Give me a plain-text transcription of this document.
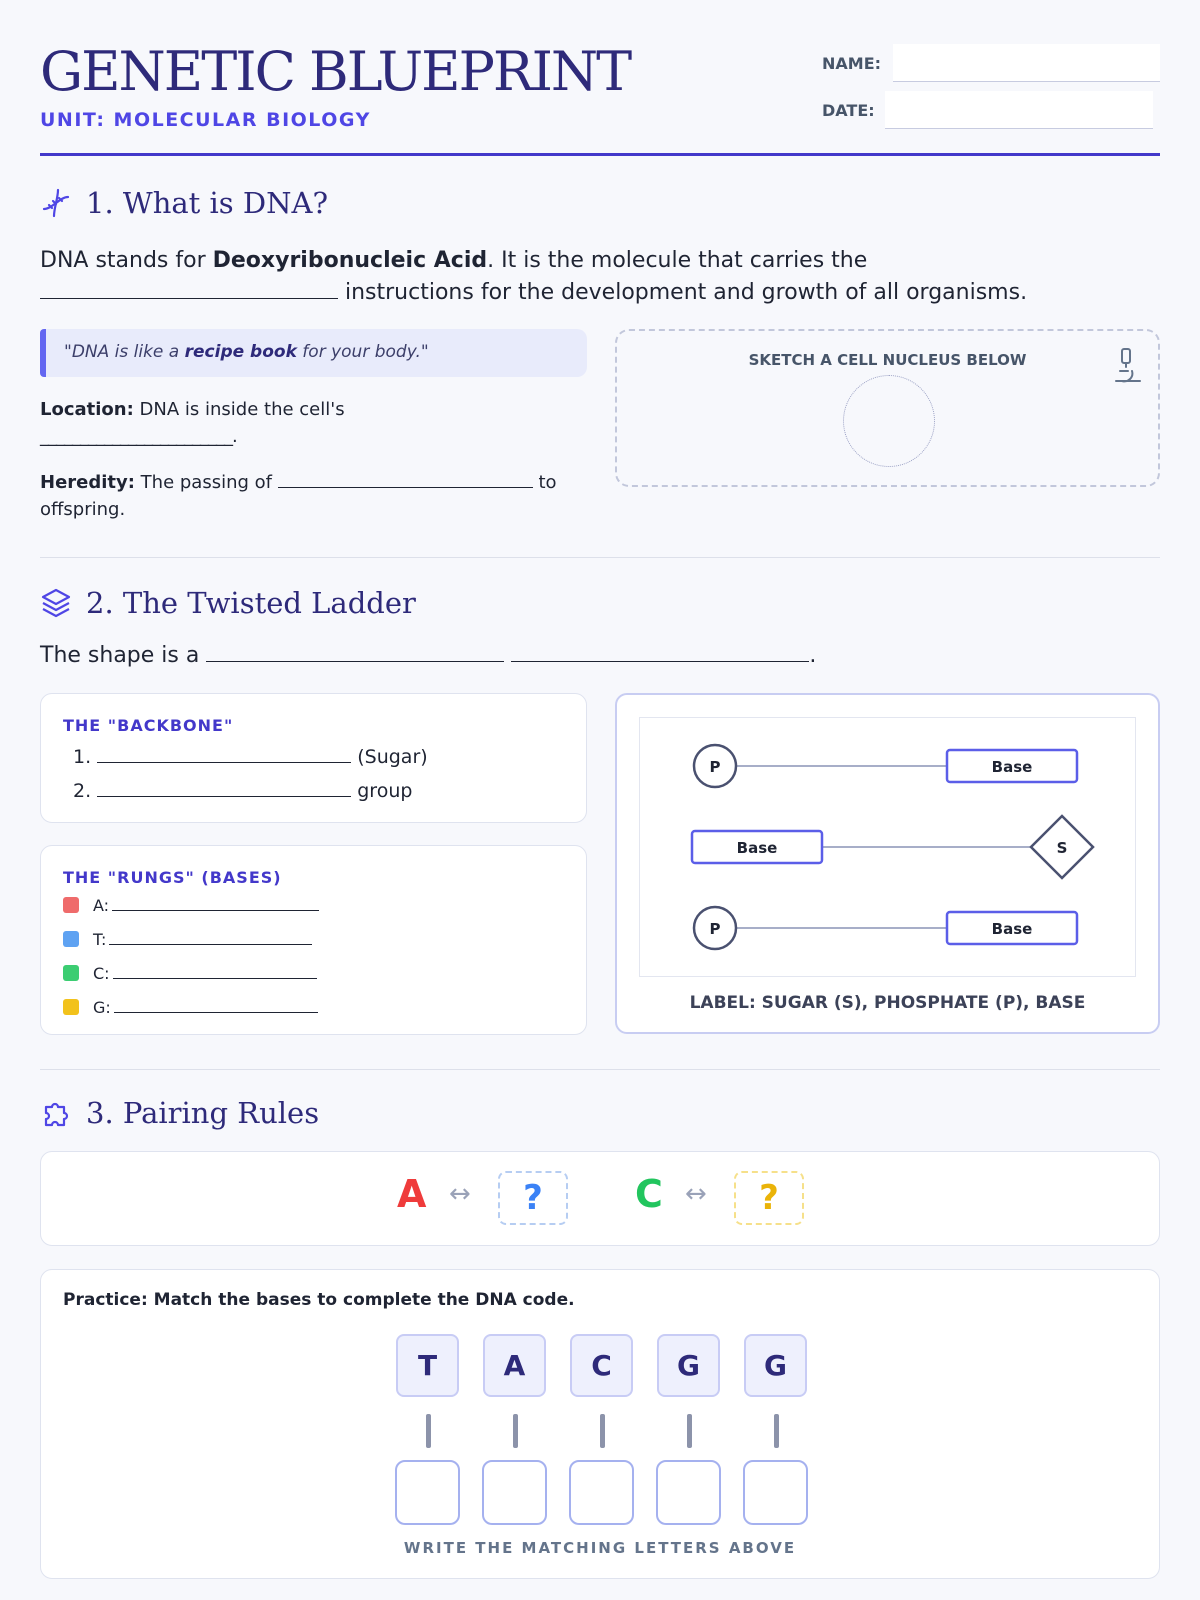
GENETIC BLUEPRINT
UNIT: MOLECULAR BIOLOGY
NAME:
DATE:
1. What is DNA?
DNA stands for Deoxyribonucleic Acid. It is the molecule that carries the  instructions for the development and growth of all organisms.
"DNA is like a recipe book for your body."
Location: DNA is inside the cell's
________________________.
Heredity: The passing of	to offspring.
SKETCH A CELL NUCLEUS BELOW
2. The Twisted Ladder
The shape is a	.
THE "BACKBONE"
1.	(Sugar)
2.	group
THE "RUNGS" (BASES)
A:
T:
C:
G:
P	Base
Base	S
P	Base
LABEL: SUGAR (S), PHOSPHATE (P), BASE
3. Pairing Rules
A ↔	?	C ↔	?
Practice: Match the bases to complete the DNA code.
T	A	C	G	G
WRITE THE MATCHING LETTERS ABOVE
